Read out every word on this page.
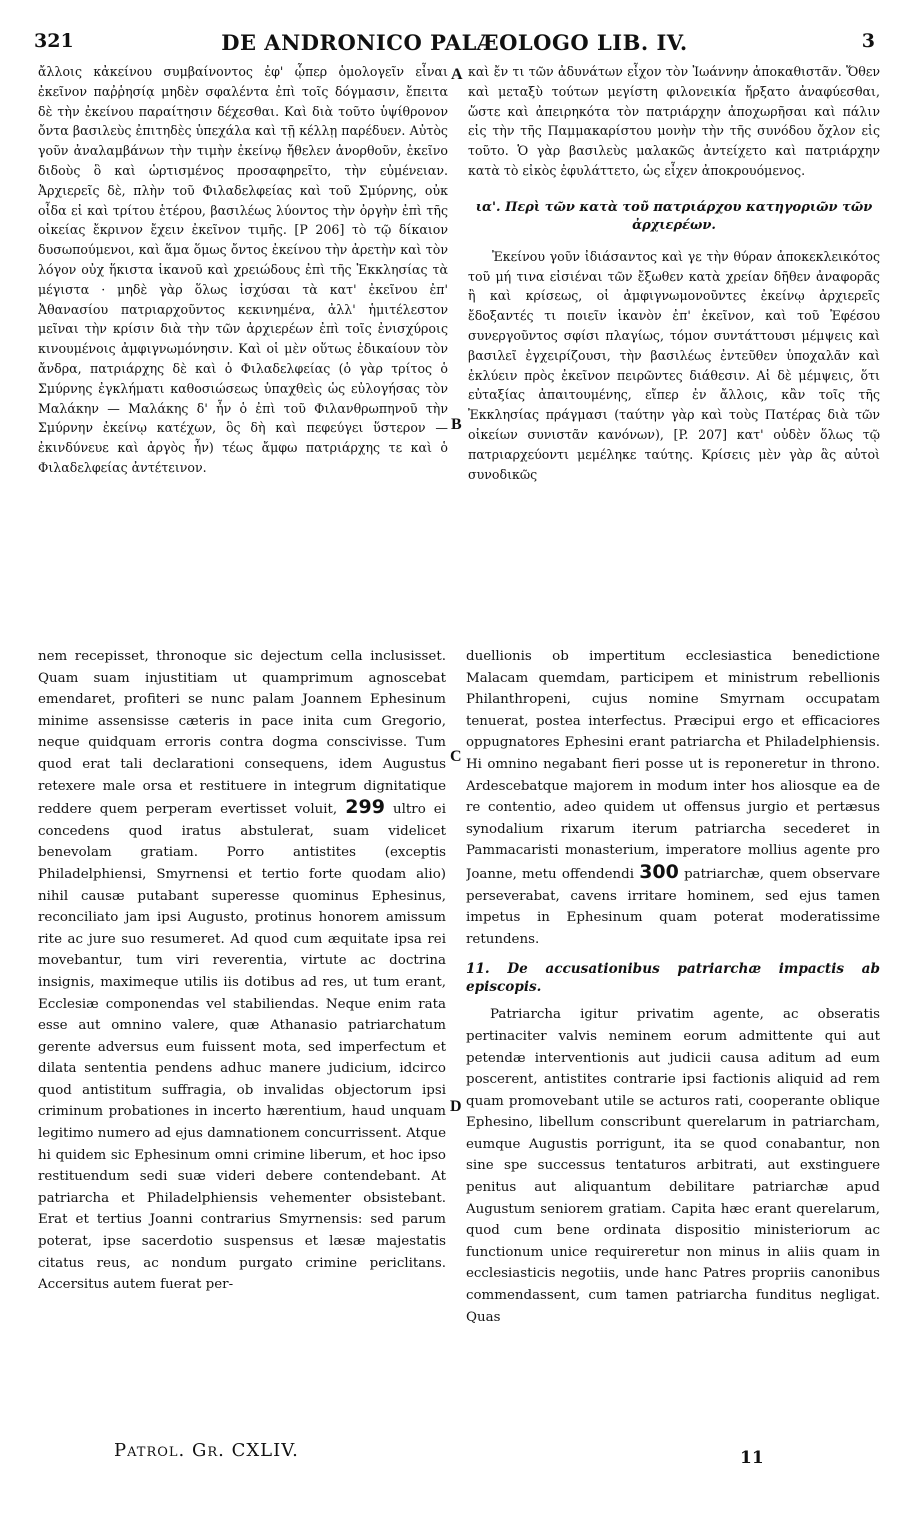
321	DE ANDRONICO PALÆOLOGO LIB. IV.	3

ἄλλοις κἀκείνου συμβαίνοντος ἐφ' ᾧπερ ὁμολογεῖν εἶναι ἐκεῖνον παῤῥησίᾳ μηδὲν σφαλέντα ἐπὶ τοῖς δόγμασιν, ἔπειτα δὲ τὴν ἐκείνου παραίτησιν δέχεσθαι. Καὶ διὰ τοῦτο ὑψίθρονον ὄντα βασιλεὺς ἐπιτηδὲς ὑπεχάλα καὶ τῇ κέλλῃ παρέδυεν. Αὐτὸς γοῦν ἀναλαμβάνων τὴν τιμὴν ἐκείνῳ ἤθελεν ἀνορθοῦν, ἐκεῖνο διδοὺς ὃ καὶ ὡρτισμένος προσαφηρεῖτο, τὴν εὐμένειαν. Ἀρχιερεῖς δὲ, πλὴν τοῦ Φιλαδελφείας καὶ τοῦ Σμύρνης, οὐκ οἶδα εἰ καὶ τρίτου ἑτέρου, βασιλέως λύοντος τὴν ὀργὴν ἐπὶ τῆς οἰκείας ἔκρινον ἔχειν ἐκεῖνον τιμῆς. [P 206] τὸ τῷ δίκαιον δυσωπούμενοι, καὶ ἅμα ὅμως ὄντος ἐκείνου τὴν ἀρετὴν καὶ τὸν λόγον οὐχ ἥκιστα ἱκανοῦ καὶ χρειώδους ἐπὶ τῆς Ἐκκλησίας τὰ μέγιστα · μηδὲ γὰρ ὅλως ἰσχύσαι τὰ κατ' ἐκεῖνου ἐπ' Ἀθανασίου πατριαρχοῦντος κεκινημένα, ἀλλ' ἡμιτέλεστον μεῖναι τὴν κρίσιν διὰ τὴν τῶν ἀρχιερέων ἐπὶ τοῖς ἐνισχύροις κινουμένοις ἀμφιγνωμόνησιν. Καὶ οἱ μὲν οὕτως ἐδικαίουν τὸν ἄνδρα, πατριάρχης δὲ καὶ ὁ Φιλαδελφείας (ὁ γὰρ τρίτος ὁ Σμύρνης ἐγκλήματι καθοσιώσεως ὑπαχθεὶς ὡς εὐλογήσας τὸν Μαλάκην — Μαλάκης δ' ἦν ὁ ἐπὶ τοῦ Φιλανθρωπηνοῦ τὴν Σμύρνην ἐκείνῳ κατέχων, ὃς δὴ καὶ πεφεύγει ὕστερον — ἐκινδύνευε καὶ ἀργὸς ἦν) τέως ἄμφω πατριάρχης τε καὶ ὁ Φιλαδελφείας ἀντέτεινον.

καὶ ἔν τι τῶν ἀδυνάτων εἶχον τὸν Ἰωάννην ἀποκαθιστᾶν. Ὅθεν καὶ μεταξὺ τούτων μεγίστη φιλονεικία ἤρξατο ἀναφύεσθαι, ὥστε καὶ ἀπειρηκότα τὸν πατριάρχην ἀποχωρῆσαι καὶ πάλιν εἰς τὴν τῆς Παμμακαρίστου μονὴν τὴν τῆς συνόδου ὄχλον εἰς τοῦτο. Ὁ γὰρ βασιλεὺς μαλακῶς ἀντείχετο καὶ πατριάρχην κατὰ τὸ εἰκὸς ἐφυλάττετο, ὡς εἶχεν ἀποκρουόμενος.

ια'. Περὶ τῶν κατὰ τοῦ πατριάρχου κατηγοριῶν τῶν ἀρχιερέων.

Ἐκείνου γοῦν ἰδιάσαντος καὶ γε τὴν θύραν ἀποκεκλεικότος τοῦ μή τινα εἰσιέναι τῶν ἔξωθεν κατὰ χρείαν δῆθεν ἀναφορᾶς ἢ καὶ κρίσεως, οἱ ἀμφιγνωμονοῦντες ἐκείνῳ ἀρχιερεῖς ἔδοξαντές τι ποιεῖν ἱκανὸν ἐπ' ἐκεῖνον, καὶ τοῦ Ἐφέσου συνεργοῦντος σφίσι πλαγίως, τόμον συντάττουσι μέμψεις καὶ βασιλεῖ ἐγχειρίζουσι, τὴν βασιλέως ἐντεῦθεν ὑποχαλᾶν καὶ ἐκλύειν πρὸς ἐκεῖνον πειρῶντες διάθεσιν. Αἱ δὲ μέμψεις, ὅτι εὐταξίας ἀπαιτουμένης, εἴπερ ἐν ἄλλοις, κἂν τοῖς τῆς Ἐκκλησίας πράγμασι (ταύτην γὰρ καὶ τοὺς Πατέρας διὰ τῶν οἰκείων συνιστᾶν κανόνων), [P. 207] κατ' οὐδὲν ὅλως τῷ πατριαρχεύοντι μεμέληκε ταύτης. Κρίσεις μὲν γὰρ ἃς αὐτοὶ συνοδικῶς

A
B
C
D

nem recepisset, thronoque sic dejectum cella inclusisset. Quam suam injustitiam ut quamprimum agnoscebat emendaret, profiteri se nunc palam Joannem Ephesinum minime assensisse cæteris in pace inita cum Gregorio, neque quidquam erroris contra dogma conscivisse. Tum quod erat tali declarationi consequens, idem Augustus retexere male orsa et restituere in integrum dignitatique reddere quem perperam evertisset voluit, 299 ultro ei concedens quod iratus abstulerat, suam videlicet benevolam gratiam. Porro antistites (exceptis Philadelphiensi, Smyrnensi et tertio forte quodam alio) nihil causæ putabant superesse quominus Ephesinus, reconciliato jam ipsi Augusto, protinus honorem amissum rite ac jure suo resumeret. Ad quod cum æquitate ipsa rei movebantur, tum viri reverentia, virtute ac doctrina insignis, maximeque utilis iis dotibus ad res, ut tum erant, Ecclesiæ componendas vel stabiliendas. Neque enim rata esse aut omnino valere, quæ Athanasio patriarchatum gerente adversus eum fuissent mota, sed imperfectum et dilata sententia pendens adhuc manere judicium, idcirco quod antistitum suffragia, ob invalidas objectorum ipsi criminum probationes in incerto hærentium, haud unquam legitimo numero ad ejus damnationem concurrissent. Atque hi quidem sic Ephesinum omni crimine liberum, et hoc ipso restituendum sedi suæ videri debere contendebant. At patriarcha et Philadelphiensis vehementer obsistebant. Erat et tertius Joanni contrarius Smyrnensis: sed parum poterat, ipse sacerdotio suspensus et læsæ majestatis citatus reus, ac nondum purgato crimine periclitans. Accersitus autem fuerat per-

duellionis ob impertitum ecclesiastica benedictione Malacam quemdam, participem et ministrum rebellionis Philanthropeni, cujus nomine Smyrnam occupatam tenuerat, postea interfectus. Præcipui ergo et efficaciores oppugnatores Ephesini erant patriarcha et Philadelphiensis. Hi omnino negabant fieri posse ut is reponeretur in throno. Ardescebatque majorem in modum inter hos aliosque ea de re contentio, adeo quidem ut offensus jurgio et pertæsus synodalium rixarum iterum patriarcha secederet in Pammacaristi monasterium, imperatore mollius agente pro Joanne, metu offendendi 300 patriarchæ, quem observare perseverabat, cavens irritare hominem, sed ejus tamen impetus in Ephesinum quam poterat moderatissime retundens.

11. De accusationibus patriarchæ impactis ab episcopis.

Patriarcha igitur privatim agente, ac obseratis pertinaciter valvis neminem eorum admittente qui aut petendæ interventionis aut judicii causa aditum ad eum poscerent, antistites contrarie ipsi factionis aliquid ad rem quam promovebant utile se acturos rati, cooperante oblique Ephesino, libellum conscribunt querelarum in patriarcham, eumque Augustis porrigunt, ita se quod conabantur, non sine spe successus tentaturos arbitrati, aut exstinguere penitus aut aliquantum debilitare patriarchæ apud Augustum seniorem gratiam. Capita hæc erant querelarum, quod cum bene ordinata dispositio ministeriorum ac functionum unice requireretur non minus in aliis quam in ecclesiasticis negotiis, unde hanc Patres propriis canonibus commendassent, cum tamen patriarcha funditus negligat. Quas

Patrol. Gr. CXLIV.	11
